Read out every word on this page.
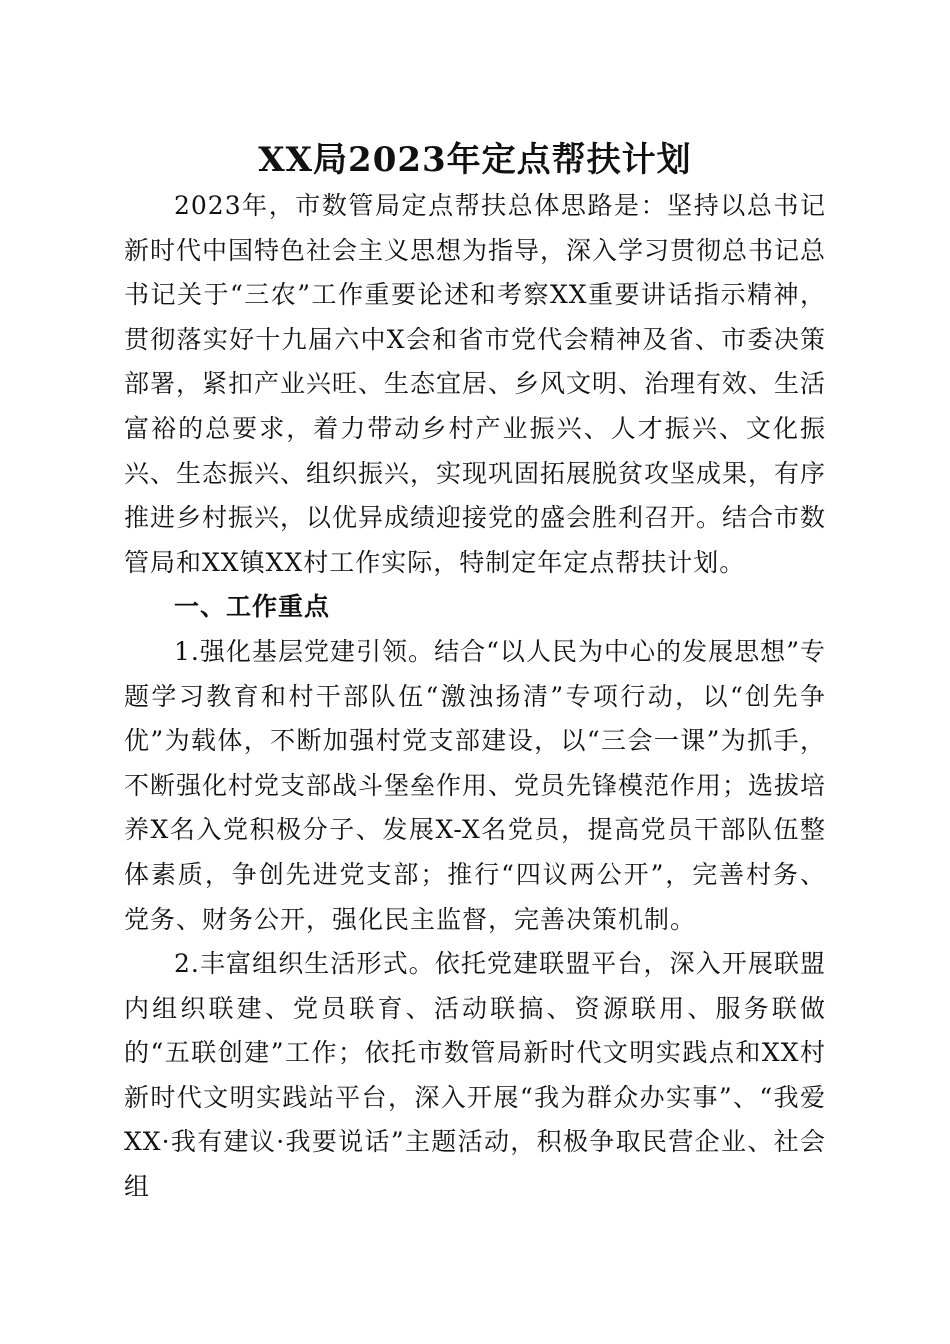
XX局2023年定点帮扶计划

2023年，市数管局定点帮扶总体思路是：坚持以总书记新时代中国特色社会主义思想为指导，深入学习贯彻总书记总书记关于“三农”工作重要论述和考察XX重要讲话指示精神，贯彻落实好十九届六中X会和省市党代会精神及省、市委决策部署，紧扣产业兴旺、生态宜居、乡风文明、治理有效、生活富裕的总要求，着力带动乡村产业振兴、人才振兴、文化振兴、生态振兴、组织振兴，实现巩固拓展脱贫攻坚成果，有序推进乡村振兴，以优异成绩迎接党的盛会胜利召开。结合市数管局和XX镇XX村工作实际，特制定年定点帮扶计划。

一、工作重点

1.强化基层党建引领。结合“以人民为中心的发展思想”专题学习教育和村干部队伍“激浊扬清”专项行动，以“创先争优”为载体，不断加强村党支部建设，以“三会一课”为抓手，不断强化村党支部战斗堡垒作用、党员先锋模范作用；选拔培养X名入党积极分子、发展X-X名党员，提高党员干部队伍整体素质，争创先进党支部；推行“四议两公开”，完善村务、党务、财务公开，强化民主监督，完善决策机制。

2.丰富组织生活形式。依托党建联盟平台，深入开展联盟内组织联建、党员联育、活动联搞、资源联用、服务联做的“五联创建”工作；依托市数管局新时代文明实践点和XX村新时代文明实践站平台，深入开展“我为群众办实事”、“我爱XX·我有建议·我要说话”主题活动，积极争取民营企业、社会组
